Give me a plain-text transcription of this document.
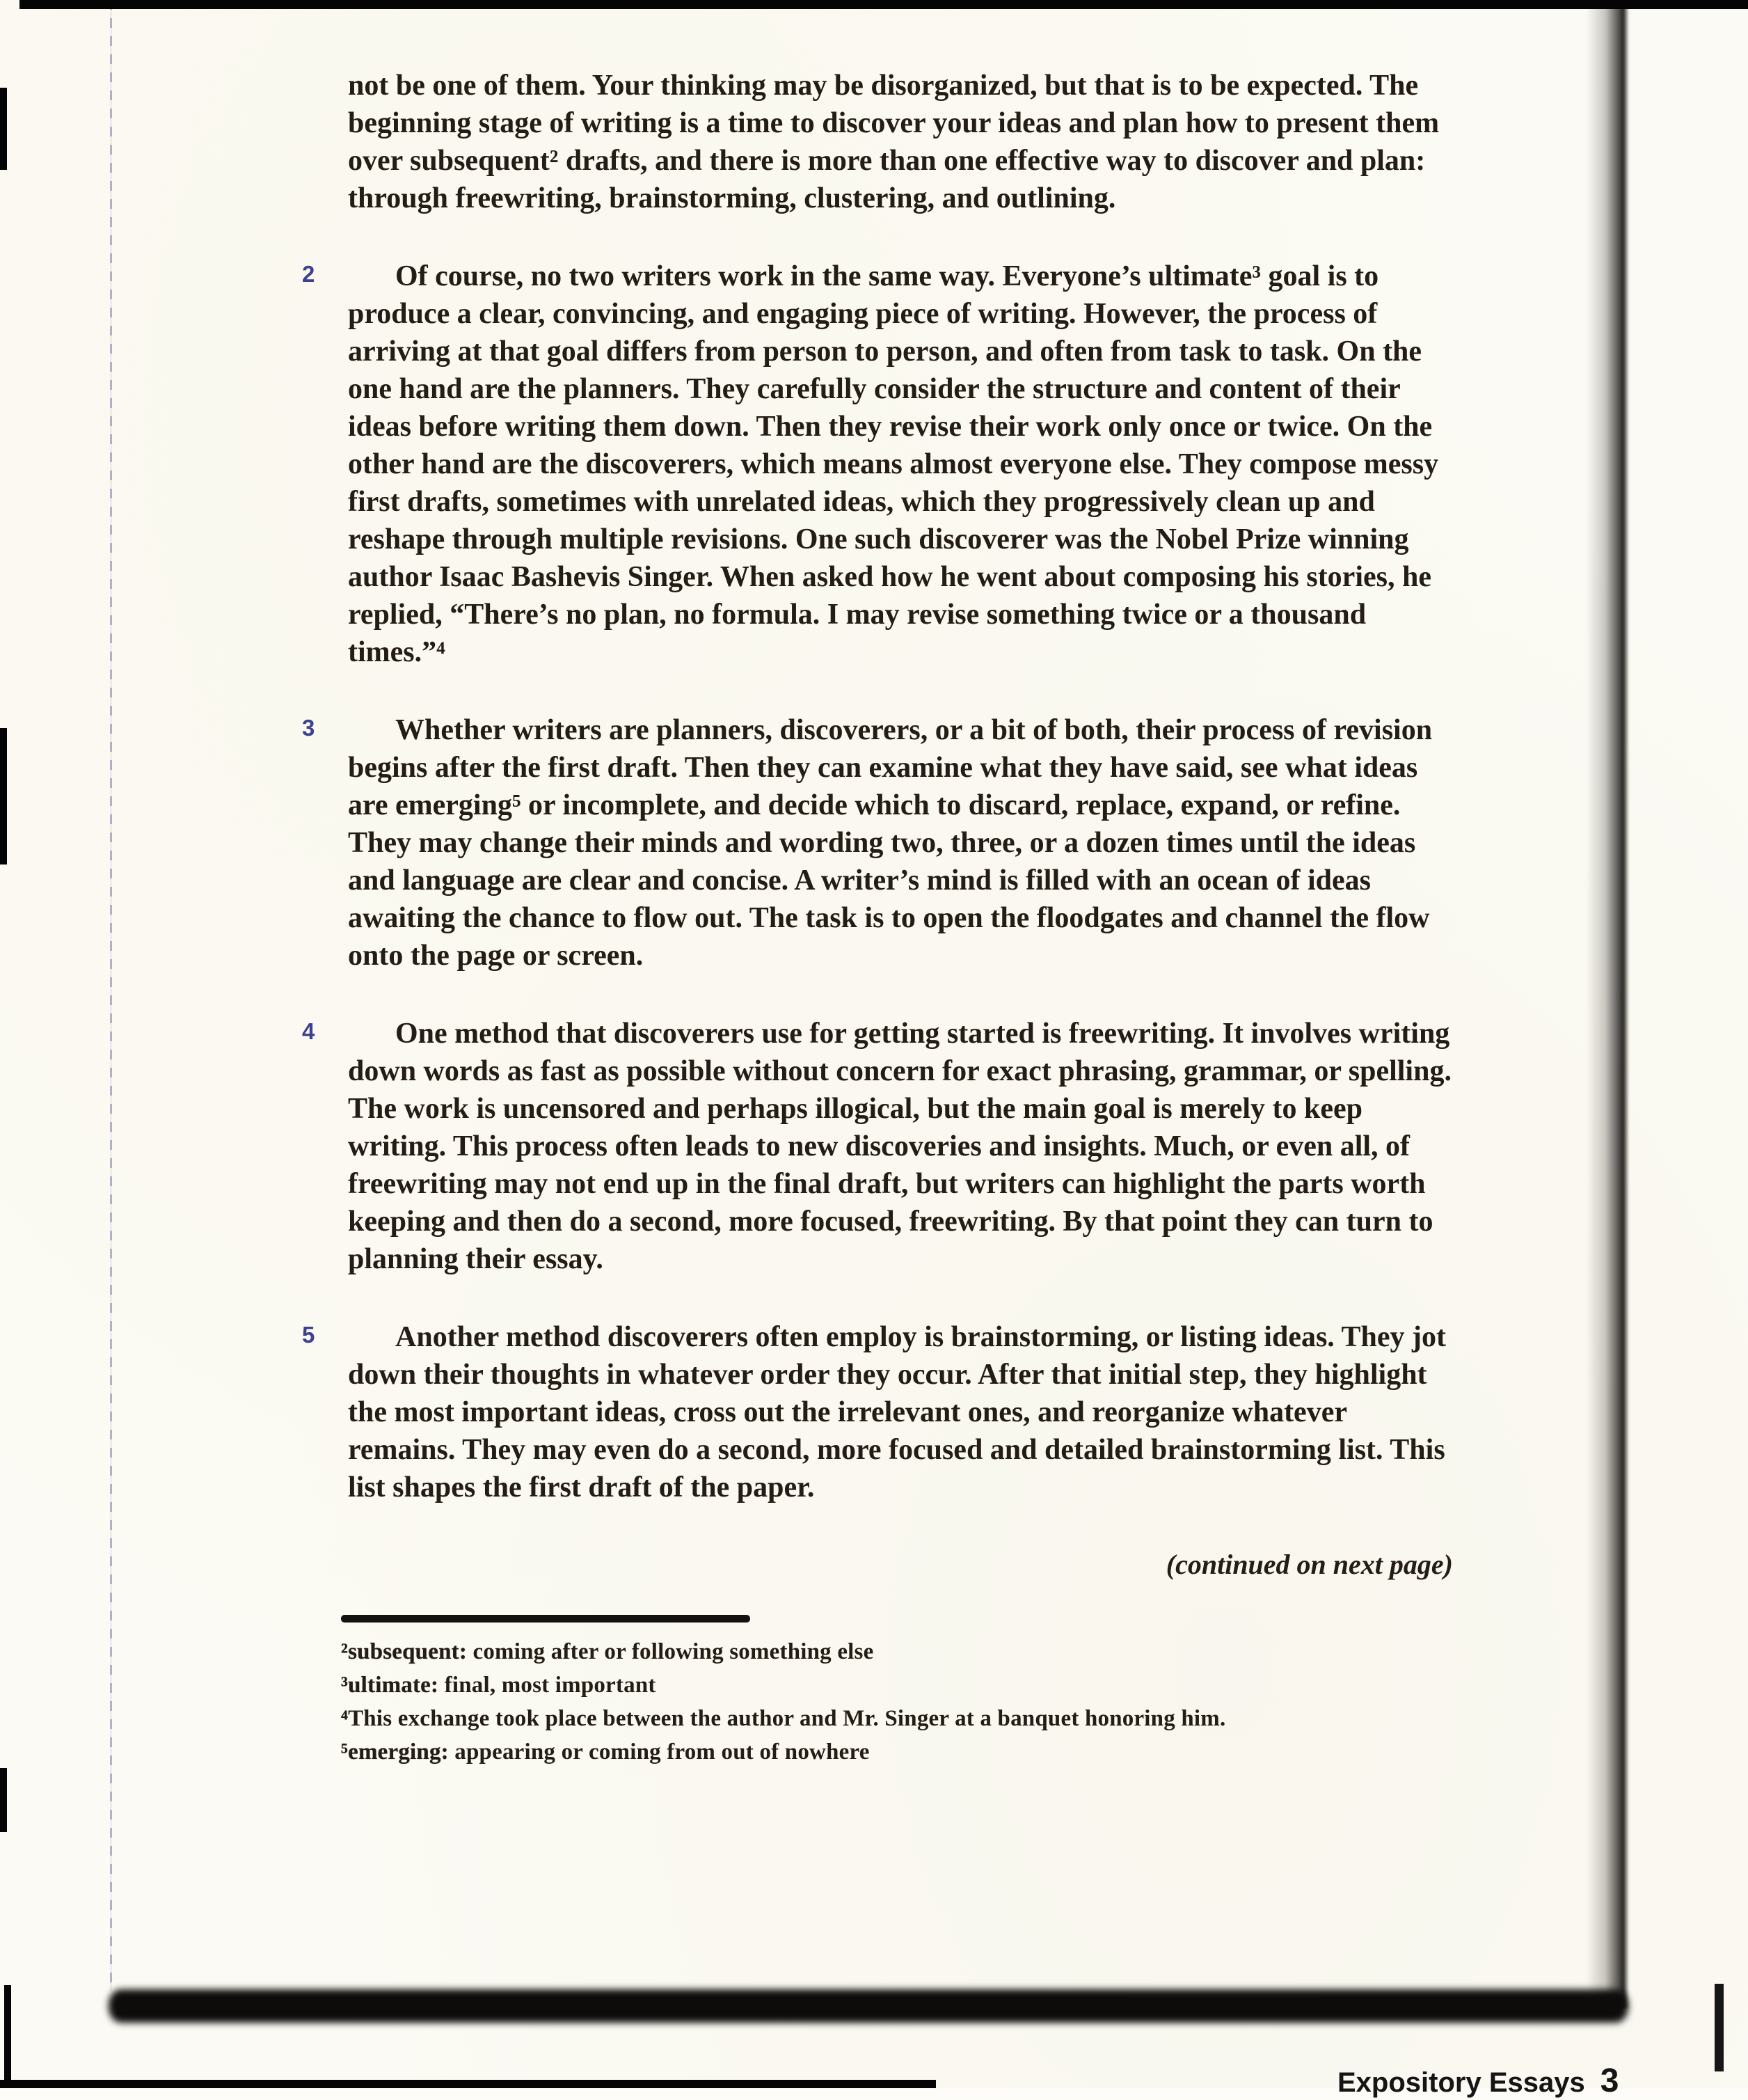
not be one of them. Your thinking may be disorganized, but that is to be expected. The beginning stage of writing is a time to discover your ideas and plan how to present them over subsequent² drafts, and there is more than one effective way to discover and plan: through freewriting, brainstorming, clustering, and outlining.
2	Of course, no two writers work in the same way. Everyone’s ultimate³ goal is to produce a clear, convincing, and engaging piece of writing. However, the process of arriving at that goal differs from person to person, and often from task to task. On the one hand are the planners. They carefully consider the structure and content of their ideas before writing them down. Then they revise their work only once or twice. On the other hand are the discoverers, which means almost everyone else. They compose messy first drafts, sometimes with unrelated ideas, which they progressively clean up and reshape through multiple revisions. One such discoverer was the Nobel Prize winning author Isaac Bashevis Singer. When asked how he went about composing his stories, he replied, “There’s no plan, no formula. I may revise something twice or a thousand times.”⁴
3	Whether writers are planners, discoverers, or a bit of both, their process of revision begins after the first draft. Then they can examine what they have said, see what ideas are emerging⁵ or incomplete, and decide which to discard, replace, expand, or refine. They may change their minds and wording two, three, or a dozen times until the ideas and language are clear and concise. A writer’s mind is filled with an ocean of ideas awaiting the chance to flow out. The task is to open the floodgates and channel the flow onto the page or screen.
4	One method that discoverers use for getting started is freewriting. It involves writing down words as fast as possible without concern for exact phrasing, grammar, or spelling. The work is uncensored and perhaps illogical, but the main goal is merely to keep writing. This process often leads to new discoveries and insights. Much, or even all, of freewriting may not end up in the final draft, but writers can highlight the parts worth keeping and then do a second, more focused, freewriting. By that point they can turn to planning their essay.
5	Another method discoverers often employ is brainstorming, or listing ideas. They jot down their thoughts in whatever order they occur. After that initial step, they highlight the most important ideas, cross out the irrelevant ones, and reorganize whatever remains. They may even do a second, more focused and detailed brainstorming list. This list shapes the first draft of the paper.
(continued on next page)
²subsequent: coming after or following something else
³ultimate: final, most important
⁴This exchange took place between the author and Mr. Singer at a banquet honoring him.
⁵emerging: appearing or coming from out of nowhere
Expository Essays 3
